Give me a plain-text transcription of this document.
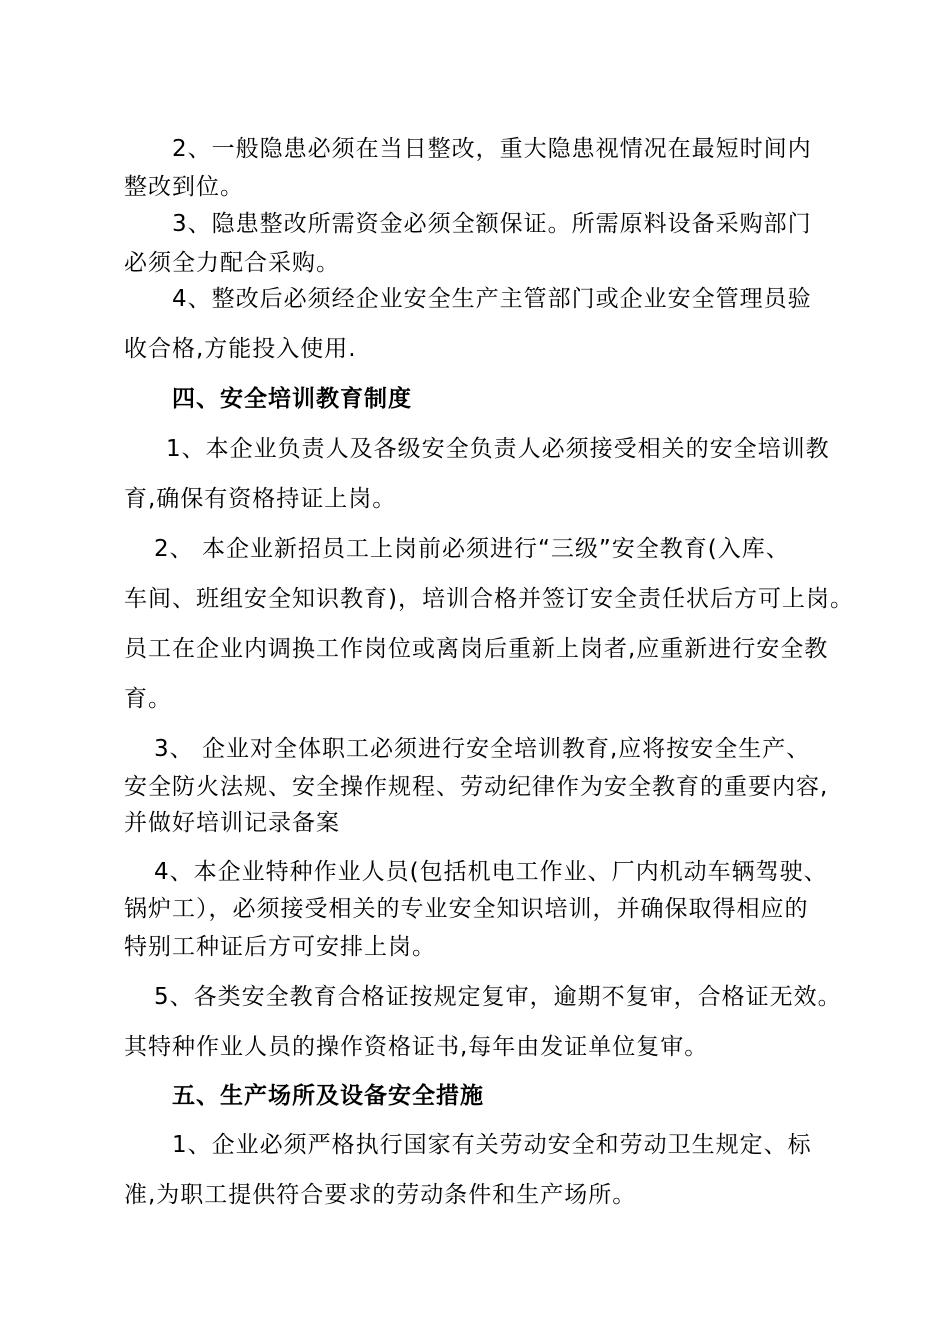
2、一般隐患必须在当日整改，重大隐患视情况在最短时间内

整改到位。

3、隐患整改所需资金必须全额保证。所需原料设备采购部门

必须全力配合采购。

4、整改后必须经企业安全生产主管部门或企业安全管理员验

收合格,方能投入使用.

四、安全培训教育制度

1、本企业负责人及各级安全负责人必须接受相关的安全培训教

育,确保有资格持证上岗。

2、 本企业新招员工上岗前必须进行“三级”安全教育(入库、

车间、班组安全知识教育)，培训合格并签订安全责任状后方可上岗。

员工在企业内调换工作岗位或离岗后重新上岗者,应重新进行安全教

育。

3、 企业对全体职工必须进行安全培训教育,应将按安全生产、

安全防火法规、安全操作规程、劳动纪律作为安全教育的重要内容,

并做好培训记录备案

4、本企业特种作业人员(包括机电工作业、厂内机动车辆驾驶、

锅炉工），必须接受相关的专业安全知识培训，并确保取得相应的

特别工种证后方可安排上岗。

5、各类安全教育合格证按规定复审，逾期不复审，合格证无效。

其特种作业人员的操作资格证书,每年由发证单位复审。

五、生产场所及设备安全措施

1、企业必须严格执行国家有关劳动安全和劳动卫生规定、标

准,为职工提供符合要求的劳动条件和生产场所。
